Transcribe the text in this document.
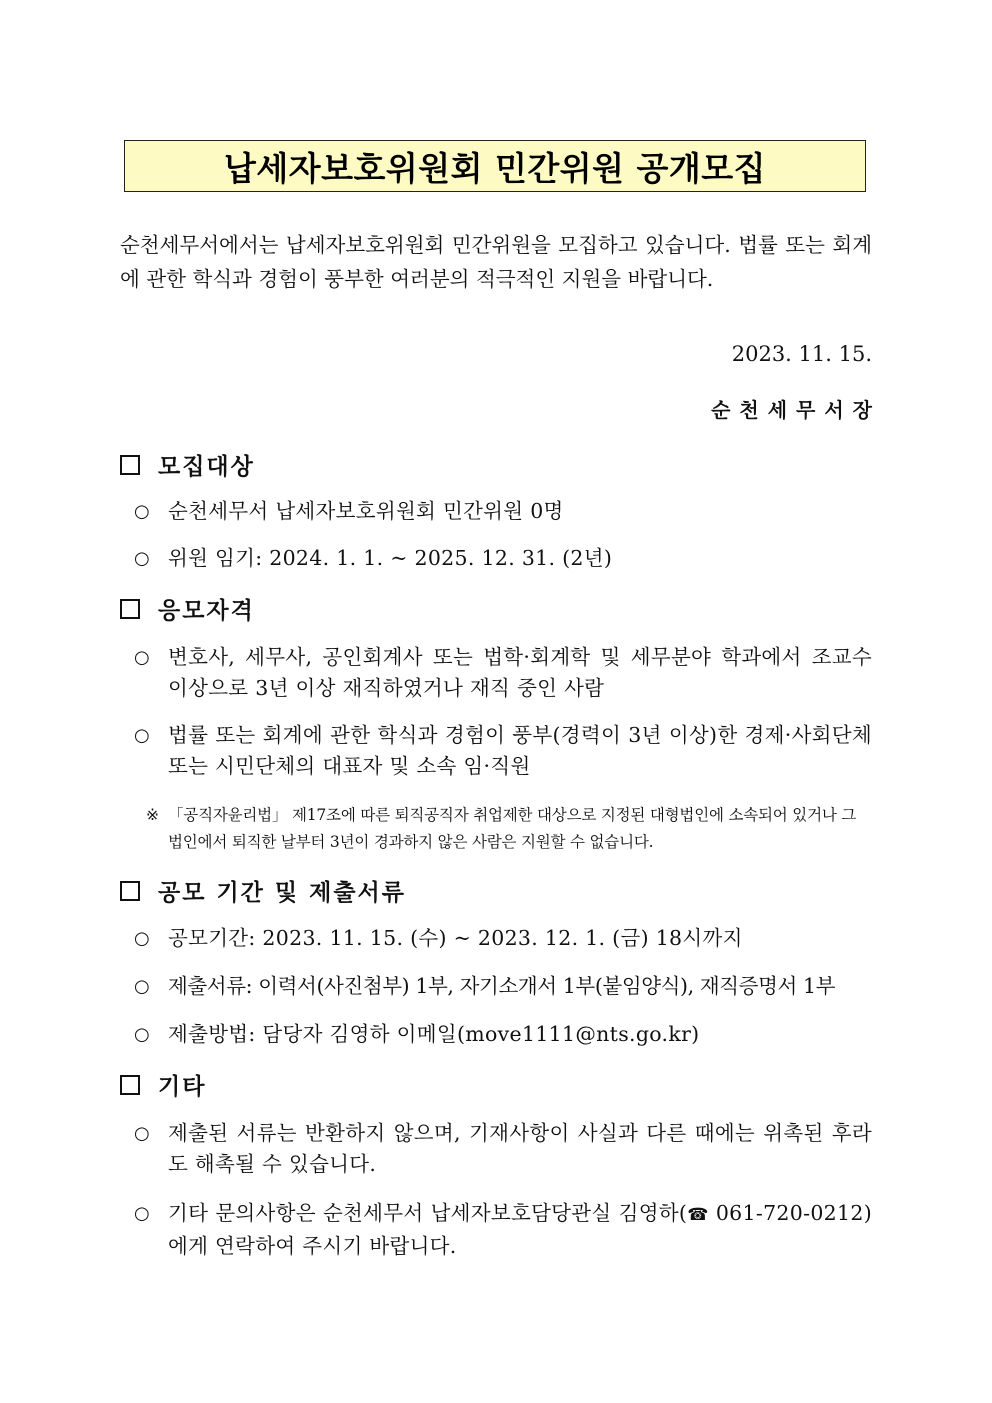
납세자보호위원회 민간위원 공개모집
순천세무서에서는 납세자보호위원회 민간위원을 모집하고 있습니다. 법률 또는 회계에 관한 학식과 경험이 풍부한 여러분의 적극적인 지원을 바랍니다.
2023. 11. 15.
순천세무서장
모집대상
○ 순천세무서 납세자보호위원회 민간위원 0명
○ 위원 임기: 2024. 1. 1. ~ 2025. 12. 31. (2년)
응모자격
○ 변호사, 세무사, 공인회계사 또는 법학·회계학 및 세무분야 학과에서 조교수 이상으로 3년 이상 재직하였거나 재직 중인 사람
○ 법률 또는 회계에 관한 학식과 경험이 풍부(경력이 3년 이상)한 경제·사회단체 또는 시민단체의 대표자 및 소속 임·직원
※ 「공직자윤리법」 제17조에 따른 퇴직공직자 취업제한 대상으로 지정된 대형법인에 소속되어 있거나 그 법인에서 퇴직한 날부터 3년이 경과하지 않은 사람은 지원할 수 없습니다.
공모 기간 및 제출서류
○ 공모기간: 2023. 11. 15. (수) ~ 2023. 12. 1. (금) 18시까지
○ 제출서류: 이력서(사진첨부) 1부, 자기소개서 1부(붙임양식), 재직증명서 1부
○ 제출방법: 담당자 김영하 이메일(move1111@nts.go.kr)
기타
○ 제출된 서류는 반환하지 않으며, 기재사항이 사실과 다른 때에는 위촉된 후라도 해촉될 수 있습니다.
○ 기타 문의사항은 순천세무서 납세자보호담당관실 김영하(☎ 061-720-0212)에게 연락하여 주시기 바랍니다.
